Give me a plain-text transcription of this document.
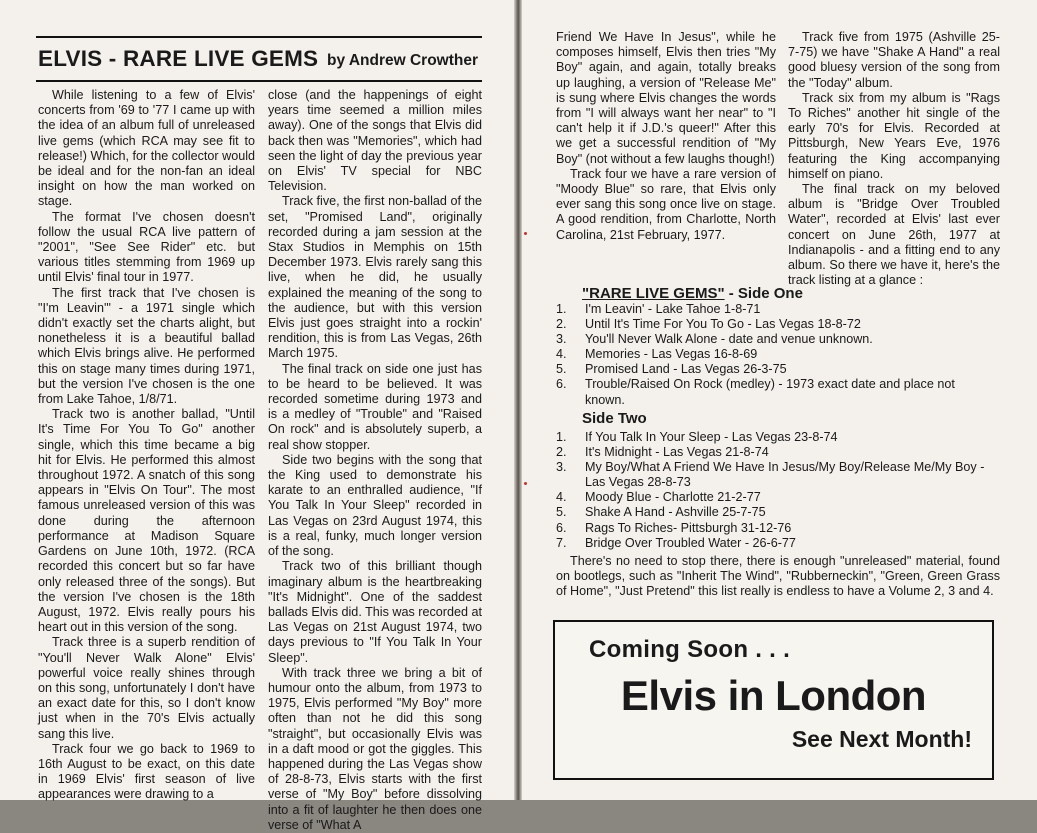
ELVIS - RARE LIVE GEMS by Andrew Crowther

While listening to a few of Elvis' concerts from '69 to '77 I came up with the idea of an album full of unreleased live gems (which RCA may see fit to release!) Which, for the collector would be ideal and for the non-fan an ideal insight on how the man worked on stage.

The format I've chosen doesn't follow the usual RCA live pattern of "2001", "See See Rider" etc. but various titles stemming from 1969 up until Elvis' final tour in 1977.

The first track that I've chosen is "I'm Leavin'" - a 1971 single which didn't exactly set the charts alight, but nonetheless it is a beautiful ballad which Elvis brings alive. He performed this on stage many times during 1971, but the version I've chosen is the one from Lake Tahoe, 1/8/71.

Track two is another ballad, "Until It's Time For You To Go" another single, which this time became a big hit for Elvis. He performed this almost throughout 1972. A snatch of this song appears in "Elvis On Tour". The most famous unreleased version of this was done during the afternoon performance at Madison Square Gardens on June 10th, 1972. (RCA recorded this concert but so far have only released three of the songs). But the version I've chosen is the 18th August, 1972. Elvis really pours his heart out in this version of the song.

Track three is a superb rendition of "You'll Never Walk Alone" Elvis' powerful voice really shines through on this song, unfortunately I don't have an exact date for this, so I don't know just when in the 70's Elvis actually sang this live.

Track four we go back to 1969 to 16th August to be exact, on this date in 1969 Elvis' first season of live appearances were drawing to a

close (and the happenings of eight years time seemed a million miles away). One of the songs that Elvis did back then was "Memories", which had seen the light of day the previous year on Elvis' TV special for NBC Television.

Track five, the first non-ballad of the set, "Promised Land", originally recorded during a jam session at the Stax Studios in Memphis on 15th December 1973. Elvis rarely sang this live, when he did, he usually explained the meaning of the song to the audience, but with this version Elvis just goes straight into a rockin' rendition, this is from Las Vegas, 26th March 1975.

The final track on side one just has to be heard to be believed. It was recorded sometime during 1973 and is a medley of "Trouble" and "Raised On rock" and is absolutely superb, a real show stopper.

Side two begins with the song that the King used to demonstrate his karate to an enthralled audience, "If You Talk In Your Sleep" recorded in Las Vegas on 23rd August 1974, this is a real, funky, much longer version of the song.

Track two of this brilliant though imaginary album is the heartbreaking "It's Midnight". One of the saddest ballads Elvis did. This was recorded at Las Vegas on 21st August 1974, two days previous to "If You Talk In Your Sleep".

With track three we bring a bit of humour onto the album, from 1973 to 1975, Elvis performed "My Boy" more often than not he did this song "straight", but occasionally Elvis was in a daft mood or got the giggles. This happened during the Las Vegas show of 28-8-73, Elvis starts with the first verse of "My Boy" before dissolving into a fit of laughter he then does one verse of "What A

Friend We Have In Jesus", while he composes himself, Elvis then tries "My Boy" again, and again, totally breaks up laughing, a version of "Release Me" is sung where Elvis changes the words from "I will always want her near" to "I can't help it if J.D.'s queer!" After this we get a successful rendition of "My Boy" (not without a few laughs though!)

Track four we have a rare version of "Moody Blue" so rare, that Elvis only ever sang this song once live on stage. A good rendition, from Charlotte, North Carolina, 21st February, 1977.

Track five from 1975 (Ashville 25-7-75) we have "Shake A Hand" a real good bluesy version of the song from the "Today" album.

Track six from my album is "Rags To Riches" another hit single of the early 70's for Elvis. Recorded at Pittsburgh, New Years Eve, 1976 featuring the King accompanying himself on piano.

The final track on my beloved album is "Bridge Over Troubled Water", recorded at Elvis' last ever concert on June 26th, 1977 at Indianapolis - and a fitting end to any album. So there we have it, here's the track listing at a glance :

"RARE LIVE GEMS" - Side One
1.	I'm Leavin' - Lake Tahoe 1-8-71
2.	Until It's Time For You To Go - Las Vegas 18-8-72
3.	You'll Never Walk Alone - date and venue unknown.
4.	Memories - Las Vegas 16-8-69
5.	Promised Land - Las Vegas 26-3-75
6.	Trouble/Raised On Rock (medley) - 1973 exact date and place not known.
Side Two
1.	If You Talk In Your Sleep - Las Vegas 23-8-74
2.	It's Midnight - Las Vegas 21-8-74
3.	My Boy/What A Friend We Have In Jesus/My Boy/Release Me/My Boy - Las Vegas 28-8-73
4.	Moody Blue - Charlotte 21-2-77
5.	Shake A Hand - Ashville 25-7-75
6.	Rags To Riches- Pittsburgh 31-12-76
7.	Bridge Over Troubled Water - 26-6-77

There's no need to stop there, there is enough "unreleased" material, found on bootlegs, such as "Inherit The Wind", "Rubberneckin", "Green, Green Grass of Home", "Just Pretend" this list really is endless to have a Volume 2, 3 and 4.

Coming Soon . . .
Elvis in London
See Next Month!
